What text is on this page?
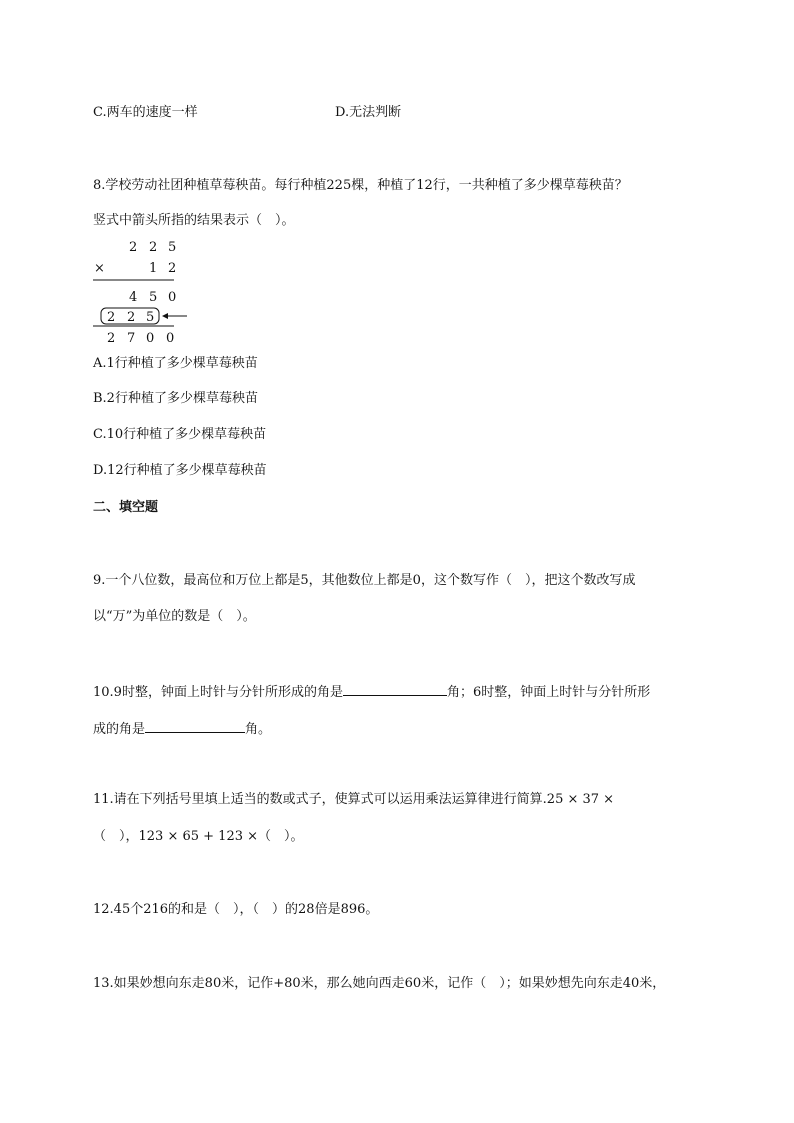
C.两车的速度一样	D.无法判断
8.学校劳动社团种植草莓秧苗。每行种植225棵，种植了12行，一共种植了多少棵草莓秧苗？
竖式中箭头所指的结果表示（　）。
2 2 5
×	1 2
4 5 0
2 2 5
2 7 0 0
A.1行种植了多少棵草莓秧苗
B.2行种植了多少棵草莓秧苗
C.10行种植了多少棵草莓秧苗
D.12行种植了多少棵草莓秧苗
二、填空题
9.一个八位数，最高位和万位上都是5，其他数位上都是0，这个数写作（　），把这个数改写成
以“万”为单位的数是（　）。
10.9时整，钟面上时针与分针所形成的角是	角；6时整，钟面上时针与分针所形
成的角是	角。
11.请在下列括号里填上适当的数或式子，使算式可以运用乘法运算律进行简算.25 × 37 ×
（　），123 × 65 + 123 ×（　）。
12.45个216的和是（　），（　）的28倍是896。
13.如果妙想向东走80米，记作+80米，那么她向西走60米，记作（　）；如果妙想先向东走40米，
